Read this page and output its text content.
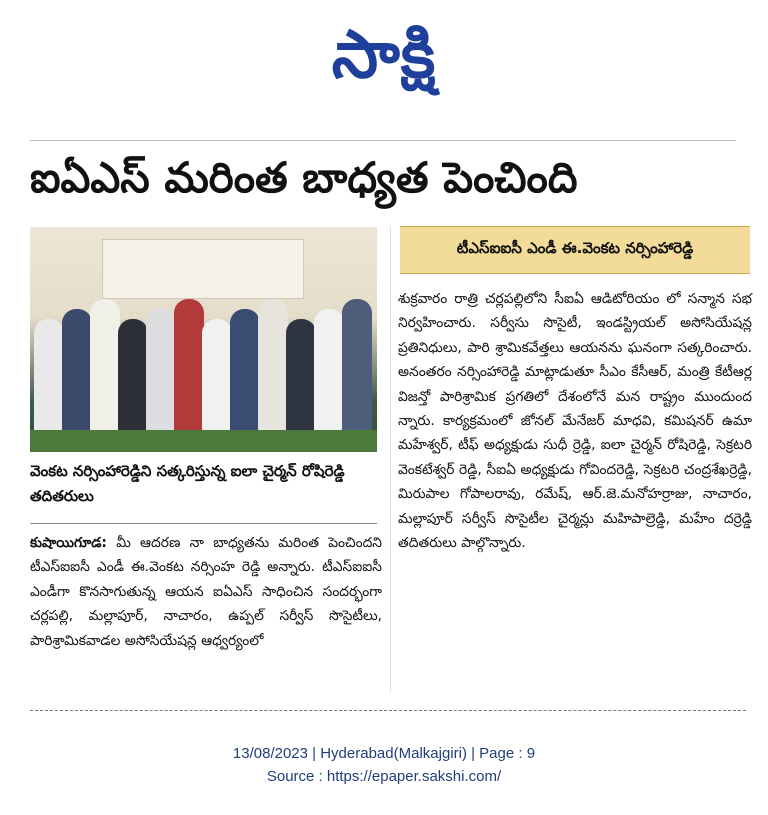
సాక్షి
ఐఏఎస్ మరింత బాధ్యత పెంచింది
వెంకట నర్సింహారెడ్డిని సత్కరిస్తున్న ఐలా చైర్మన్ రోషిరెడ్డి తదితరులు
కుషాయిగూడ: మీ ఆదరణ నా బాధ్యతను మరింత పెంచిందని టీఎస్ఐఐసీ ఎండీ ఈ.వెంకట నర్సింహ రెడ్డి అన్నారు. టీఎస్ఐఐసీ ఎండీగా కొనసాగుతున్న ఆయన ఐఏఎస్ సాధించిన సందర్భంగా చర్లపల్లి, మల్లాపూర్, నాచారం, ఉప్పల్ సర్వీస్ సొసైటీలు, పారిశ్రామికవాడల అసోసియేషన్ల ఆధ్వర్యంలో
టీఎస్ఐఐసీ ఎండీ ఈ.వెంకట నర్సింహారెడ్డి
శుక్రవారం రాత్రి చర్లపల్లిలోని సీఐఏ ఆడిటోరియం లో సన్మాన సభ నిర్వహించారు. సర్వీసు సొసైటీ, ఇండస్ట్రియల్ అసోసియేషన్ల ప్రతినిధులు, పారి శ్రామికవేత్తలు ఆయనను ఘనంగా సత్కరించారు. అనంతరం నర్సింహారెడ్డి మాట్లాడుతూ సీఎం కేసీఆర్, మంత్రి కేటీఆర్ల విజన్తో పారిశ్రామిక ప్రగతిలో దేశంలోనే మన రాష్ట్రం ముందుంద న్నారు. కార్యక్రమంలో జోనల్ మేనేజర్ మాధవి, కమిషనర్ ఉమా మహేశ్వర్, టీఫ్ అధ్యక్షుడు సుధీ ర్రెడ్డి, ఐలా చైర్మన్ రోషిరెడ్డి, సెక్రటరి వెంకటేశ్వర్ రెడ్డి, సీఐఏ అధ్యక్షుడు గోవిందరెడ్డి, సెక్రటరి చంద్రశేఖర్రెడ్డి, మిరుపాల గోపాలరావు, రమేష్, ఆర్.జె.మనోహర్రాజు, నాచారం, మల్లాపూర్ సర్వీస్ సొసైటీల చైర్మన్లు మహిపాల్రెడ్డి, మహేం దర్రెడ్డి తదితరులు పాల్గొన్నారు.
13/08/2023 | Hyderabad(Malkajgiri) | Page : 9
Source : https://epaper.sakshi.com/
